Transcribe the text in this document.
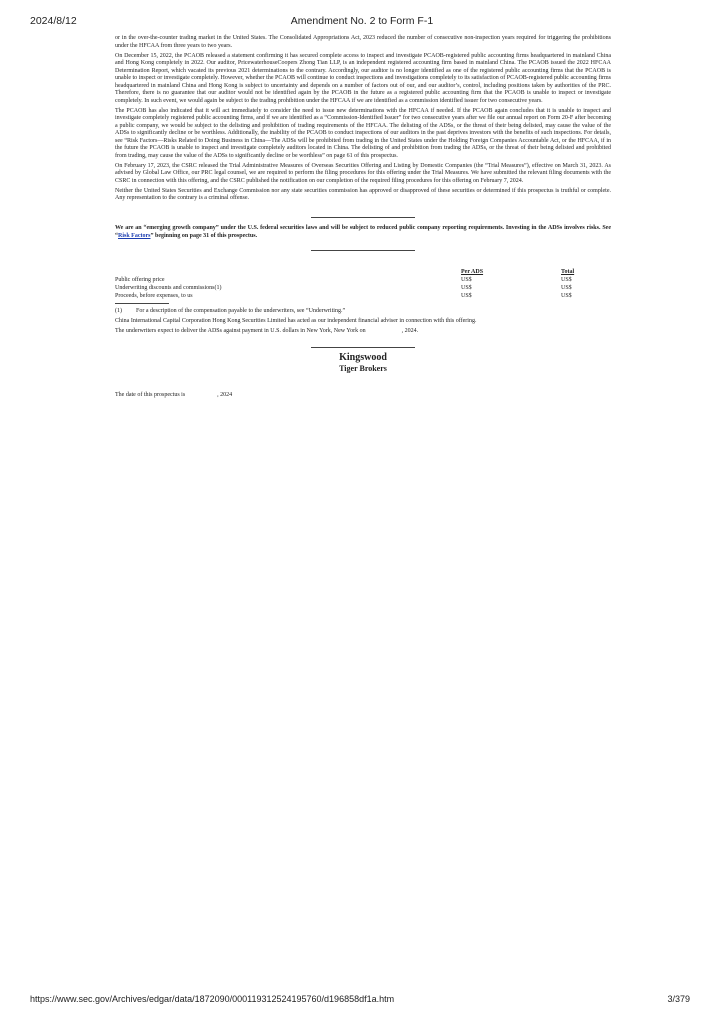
2024/8/12	Amendment No. 2 to Form F-1

or in the over-the-counter trading market in the United States. The Consolidated Appropriations Act, 2023 reduced the number of consecutive non-inspection years required for triggering the prohibitions under the HFCAA from three years to two years.

On December 15, 2022, the PCAOB released a statement confirming it has secured complete access to inspect and investigate PCAOB-registered public accounting firms headquartered in mainland China and Hong Kong completely in 2022. Our auditor, PricewaterhouseCoopers Zhong Tian LLP, is an independent registered accounting firm based in mainland China. The PCAOB issued the 2022 HFCAA Determination Report, which vacated its previous 2021 determinations to the contrary. Accordingly, our auditor is no longer identified as one of the registered public accounting firms that the PCAOB is unable to inspect or investigate completely. However, whether the PCAOB will continue to conduct inspections and investigations completely to its satisfaction of PCAOB-registered public accounting firms headquartered in mainland China and Hong Kong is subject to uncertainty and depends on a number of factors out of our, and our auditor’s, control, including positions taken by authorities of the PRC. Therefore, there is no guarantee that our auditor would not be identified again by the PCAOB in the future as a registered public accounting firm that the PCAOB is unable to inspect or investigate completely. In such event, we would again be subject to the trading prohibition under the HFCAA if we are identified as a commission identified issuer for two consecutive years.

The PCAOB has also indicated that it will act immediately to consider the need to issue new determinations with the HFCAA if needed. If the PCAOB again concludes that it is unable to inspect and investigate completely registered public accounting firms, and if we are identified as a “Commission-Identified Issuer” for two consecutive years after we file our annual report on Form 20-F after becoming a public company, we would be subject to the delisting and prohibition of trading requirements of the HFCAA. The delisting of the ADSs, or the threat of their being delisted, may cause the value of the ADSs to significantly decline or be worthless. Additionally, the inability of the PCAOB to conduct inspections of our auditors in the past deprives investors with the benefits of such inspections. For details, see “Risk Factors—Risks Related to Doing Business in China—The ADSs will be prohibited from trading in the United States under the Holding Foreign Companies Accountable Act, or the HFCAA, if in the future the PCAOB is unable to inspect and investigate completely auditors located in China. The delisting of and prohibition from trading the ADSs, or the threat of their being delisted and prohibited from trading, may cause the value of the ADSs to significantly decline or be worthless” on page 61 of this prospectus.

On February 17, 2023, the CSRC released the Trial Administrative Measures of Overseas Securities Offering and Listing by Domestic Companies (the “Trial Measures”), effective on March 31, 2023. As advised by Global Law Office, our PRC legal counsel, we are required to perform the filing procedures for this offering under the Trial Measures. We have submitted the relevant filing documents with the CSRC in connection with this offering, and the CSRC published the notification on our completion of the required filing procedures for this offering on February 7, 2024.

Neither the United States Securities and Exchange Commission nor any state securities commission has approved or disapproved of these securities or determined if this prospectus is truthful or complete. Any representation to the contrary is a criminal offense.

We are an “emerging growth company” under the U.S. federal securities laws and will be subject to reduced public company reporting requirements. Investing in the ADSs involves risks. See “Risk Factors” beginning on page 31 of this prospectus.

	Per ADS	Total
Public offering price	US$	US$
Underwriting discounts and commissions(1)	US$	US$
Proceeds, before expenses, to us	US$	US$

(1) For a description of the compensation payable to the underwriters, see “Underwriting.”

China International Capital Corporation Hong Kong Securities Limited has acted as our independent financial adviser in connection with this offering.

The underwriters expect to deliver the ADSs against payment in U.S. dollars in New York, New York on	, 2024.

Kingswood
Tiger Brokers

The date of this prospectus is	, 2024

https://www.sec.gov/Archives/edgar/data/1872090/000119312524195760/d196858df1a.htm	3/379
